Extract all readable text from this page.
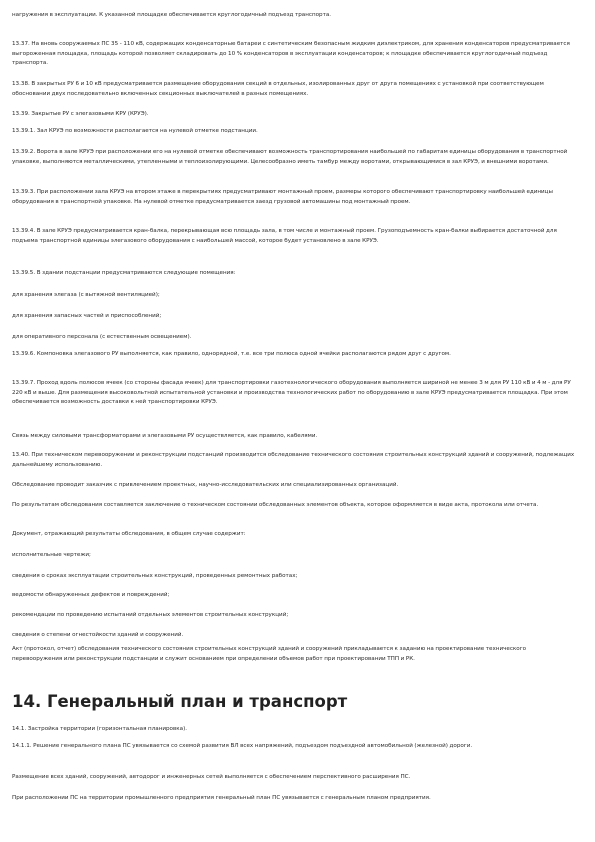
нагружения в эксплуатации. К указанной площадке обеспечивается круглогодичный подъезд транспорта.

13.37. На вновь сооружаемых ПС 35 - 110 кВ, содержащих конденсаторные батареи с синтетическим безопасным жидким диэлектриком, для хранения конденсаторов предусматривается выгороженная площадка, площадь которой позволяет складировать до 10 % конденсаторов в эксплуатации конденсаторов; к площадке обеспечивается круглогодичный подъезд транспорта.

13.38. В закрытых РУ 6 и 10 кВ предусматривается размещение оборудования секций в отдельных, изолированных друг от друга помещениях с установкой при соответствующем обосновании двух последовательно включенных секционных выключателей в разных помещениях.

13.39. Закрытые РУ с элегазовыми КРУ (КРУЭ).

13.39.1. Зал КРУЭ по возможности располагается на нулевой отметке подстанции.

13.39.2. Ворота в зале КРУЭ при расположении его на нулевой отметке обеспечивают возможность транспортирования наибольшей по габаритам единицы оборудования в транспортной упаковке, выполняются металлическими, утепленными и теплоизолирующими. Целесообразно иметь тамбур между воротами, открывающимися в зал КРУЭ, и внешними воротами.

13.39.3. При расположении зала КРУЭ на втором этаже в перекрытиях предусматривают монтажный проем, размеры которого обеспечивают транспортировку наибольшей единицы оборудования в транспортной упаковке. На нулевой отметке предусматривается заезд грузовой автомашины под монтажный проем.

13.39.4. В зале КРУЭ предусматривается кран-балка, перекрывающая всю площадь зала, в том числе и монтажный проем. Грузоподъемность кран-балки выбирается достаточной для подъема транспортной единицы элегазового оборудования с наибольшей массой, которое будет установлено в зале КРУЭ.

13.39.5. В здании подстанции предусматриваются следующие помещения:

для хранения элегаза (с вытяжной вентиляцией);

для хранения запасных частей и приспособлений;

для оперативного персонала (с естественным освещением).

13.39.6. Компоновка элегазового РУ выполняется, как правило, однорядной, т.е. все три полюса одной ячейки располагаются рядом друг с другом.

13.39.7. Проход вдоль полюсов ячеек (со стороны фасада ячеек) для транспортировки газотехнологического оборудования выполняется шириной не менее 3 м для РУ 110 кВ и 4 м - для РУ 220 кВ и выше. Для размещения высоковольтной испытательной установки и производства технологических работ по оборудованию в зале КРУЭ предусматривается площадка. При этом обеспечивается возможность доставки к ней транспортировки КРУЭ.

Связь между силовыми трансформаторами и элегазовыми РУ осуществляется, как правило, кабелями.

13.40. При техническом перевооружении и реконструкции подстанций производится обследование технического состояния строительных конструкций зданий и сооружений, подлежащих дальнейшему использованию.

Обследование проводит заказчик с привлечением проектных, научно-исследовательских или специализированных организаций.

По результатам обследования составляется заключение о техническом состоянии обследованных элементов объекта, которое оформляется в виде акта, протокола или отчета.

Документ, отражающий результаты обследования, в общем случае содержит:

исполнительные чертежи;

сведения о сроках эксплуатации строительных конструкций, проведенных ремонтных работах;

ведомости обнаруженных дефектов и повреждений;

рекомендации по проведению испытаний отдельных элементов строительных конструкций;

сведения о степени огнестойкости зданий и сооружений.

Акт (протокол, отчет) обследования технического состояния строительных конструкций зданий и сооружений прикладывается к заданию на проектирование технического перевооружения или реконструкции подстанции и служит основанием при определении объемов работ при проектировании ТПП и РК.

14. Генеральный план и транспорт

14.1. Застройка территории (горизонтальная планировка).

14.1.1. Решение генерального плана ПС увязывается со схемой развития ВЛ всех напряжений, подъездом подъездной автомобильной (железной) дороги.

Размещение всех зданий, сооружений, автодорог и инженерных сетей выполняется с обеспечением перспективного расширения ПС.

При расположении ПС на территории промышленного предприятия генеральный план ПС увязывается с генеральным планом предприятия.
